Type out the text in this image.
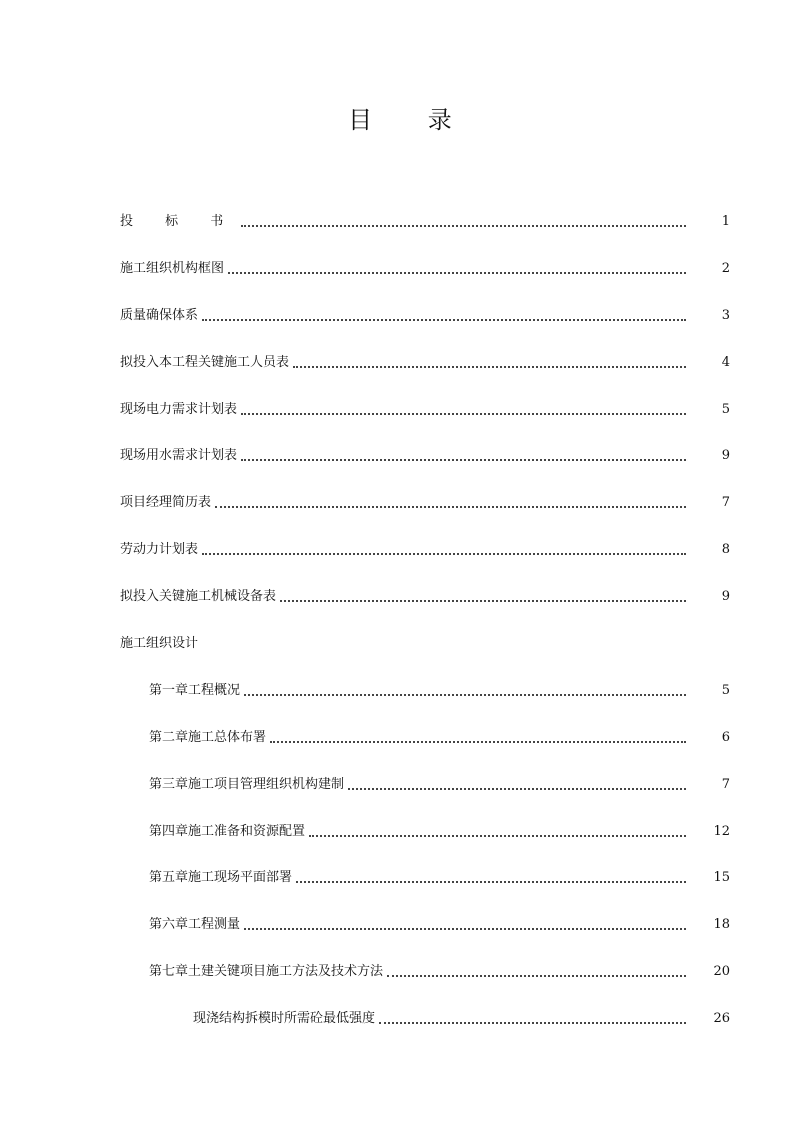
目 录
投 标 书	1
施工组织机构框图	2
质量确保体系	3
拟投入本工程关键施工人员表	4
现场电力需求计划表	5
现场用水需求计划表	9
项目经理简历表	7
劳动力计划表	8
拟投入关键施工机械设备表	9
施工组织设计
第一章工程概况	5
第二章施工总体布署	6
第三章施工项目管理组织机构建制	7
第四章施工准备和资源配置	12
第五章施工现场平面部署	15
第六章工程测量	18
第七章土建关键项目施工方法及技术方法	20
现浇结构拆模时所需砼最低强度	26
